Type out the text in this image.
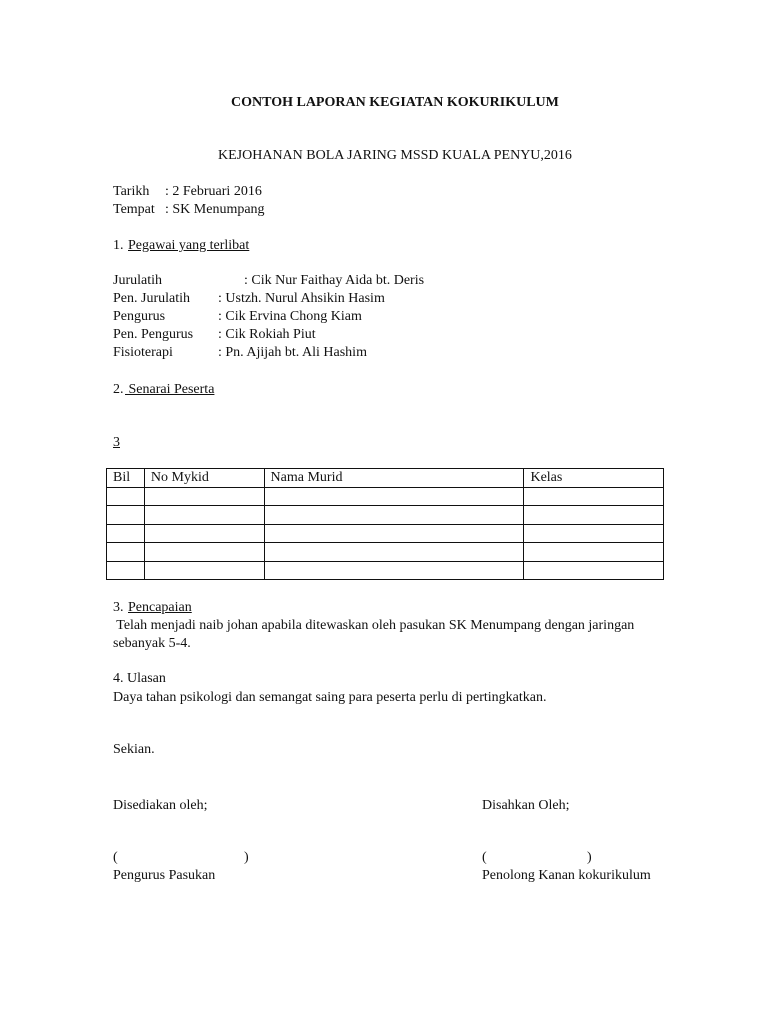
CONTOH LAPORAN KEGIATAN KOKURIKULUM
KEJOHANAN BOLA JARING MSSD KUALA PENYU,2016
Tarikh : 2 Februari 2016
Tempat : SK Menumpang
1. Pegawai yang terlibat
Jurulatih	: Cik Nur Faithay Aida bt. Deris
Pen. Jurulatih : Ustzh. Nurul Ahsikin Hasim
Pengurus	: Cik Ervina Chong Kiam
Pen. Pengurus : Cik Rokiah Piut
Fisioterapi	: Pn. Ajijah bt. Ali Hashim
2. Senarai Peserta
3
Bil	No Mykid	Nama Murid	Kelas

3. Pencapaian
Telah menjadi naib johan apabila ditewaskan oleh pasukan SK Menumpang dengan jaringan
sebanyak 5-4.
4. Ulasan
Daya tahan psikologi dan semangat saing para peserta perlu di pertingkatkan.
Sekian.
Disediakan oleh;	Disahkan Oleh;
(	)	(	)
Pengurus Pasukan	Penolong Kanan kokurikulum
